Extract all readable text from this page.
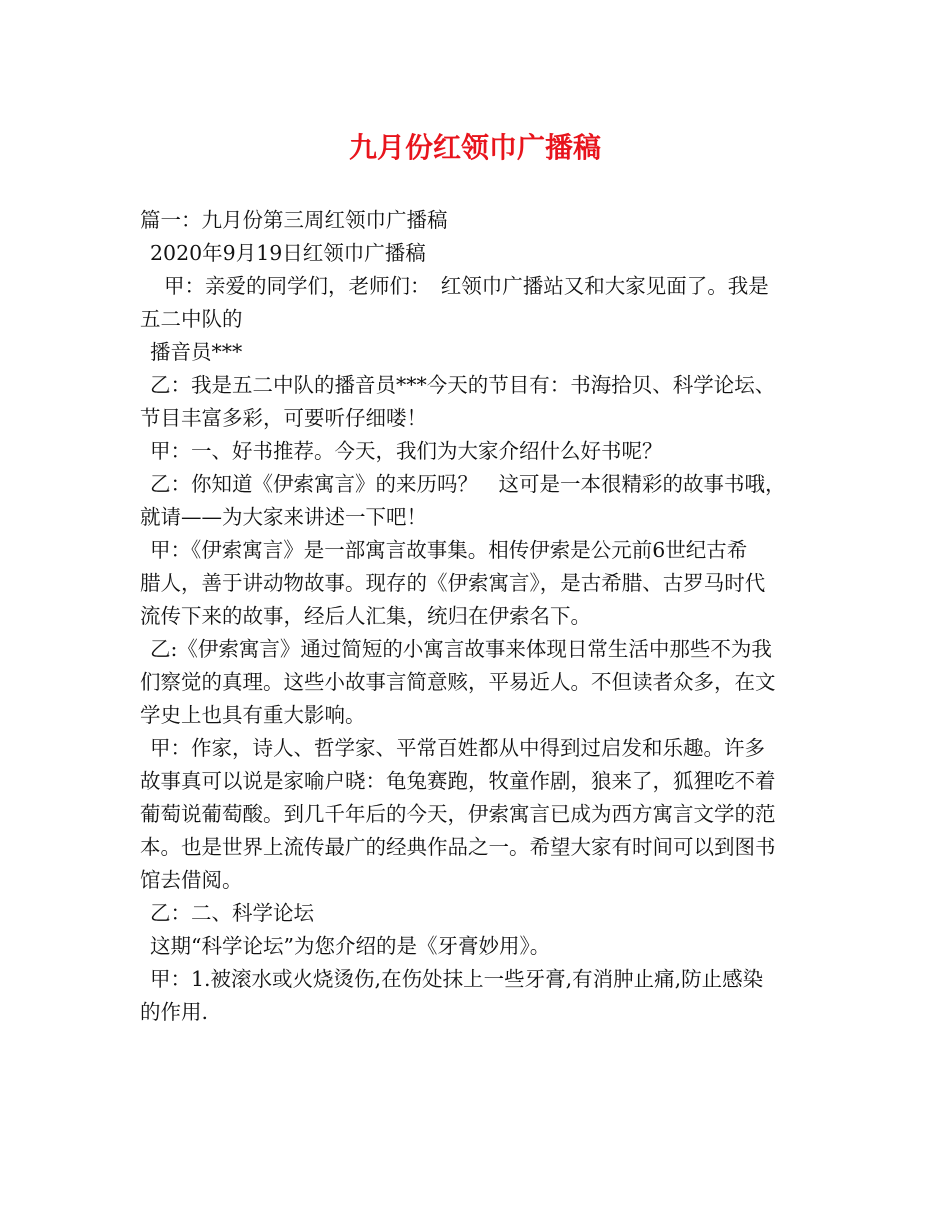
九月份红领巾广播稿
篇一：九月份第三周红领巾广播稿
2020年9月19日红领巾广播稿
甲：亲爱的同学们，老师们：　红领巾广播站又和大家见面了。我是
五二中队的
播音员***
乙：我是五二中队的播音员***今天的节目有：书海拾贝、科学论坛、
节目丰富多彩，可要听仔细喽！
甲：一、好书推荐。今天，我们为大家介绍什么好书呢？
乙：你知道《伊索寓言》的来历吗？　这可是一本很精彩的故事书哦，
就请——为大家来讲述一下吧！
甲：《伊索寓言》是一部寓言故事集。相传伊索是公元前6世纪古希
腊人，善于讲动物故事。现存的《伊索寓言》，是古希腊、古罗马时代
流传下来的故事，经后人汇集，统归在伊索名下。
乙:《伊索寓言》通过简短的小寓言故事来体现日常生活中那些不为我
们察觉的真理。这些小故事言简意赅，平易近人。不但读者众多，在文
学史上也具有重大影响。
甲：作家，诗人、哲学家、平常百姓都从中得到过启发和乐趣。许多
故事真可以说是家喻户晓：龟兔赛跑，牧童作剧，狼来了，狐狸吃不着
葡萄说葡萄酸。到几千年后的今天，伊索寓言已成为西方寓言文学的范
本。也是世界上流传最广的经典作品之一。希望大家有时间可以到图书
馆去借阅。
乙：二、科学论坛
这期“科学论坛”为您介绍的是《牙膏妙用》。
甲：1.被滚水或火烧烫伤,在伤处抹上一些牙膏,有消肿止痛,防止感染
的作用.
